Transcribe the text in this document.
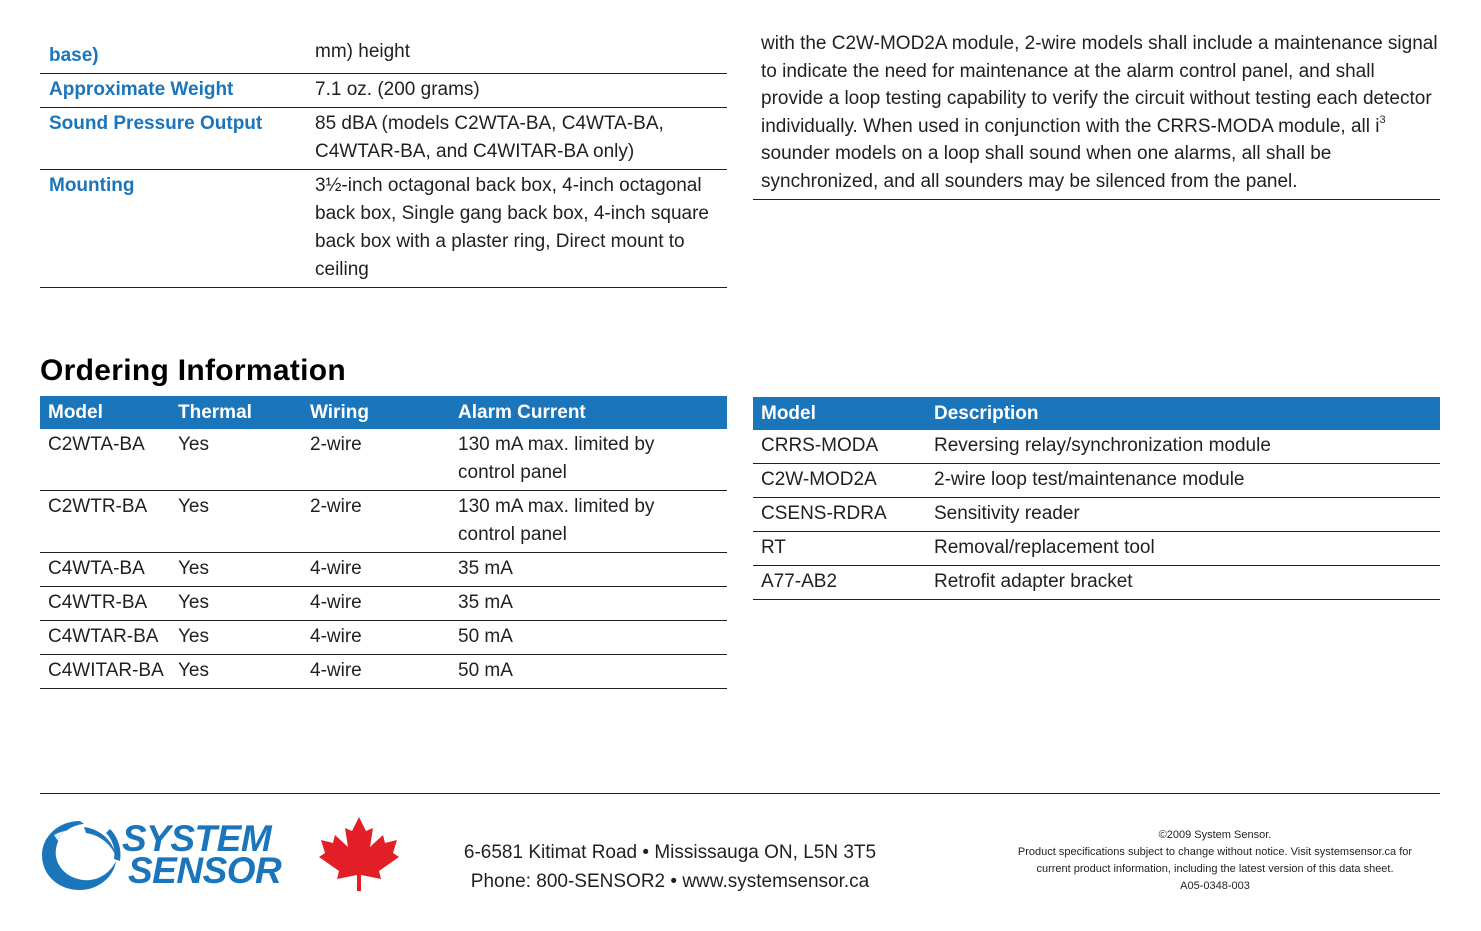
base)	mm) height
Approximate Weight	7.1 oz. (200 grams)
Sound Pressure Output	85 dBA (models C2WTA-BA, C4WTA-BA, C4WTAR-BA, and C4WITAR-BA only)
Mounting	3½-inch octagonal back box, 4-inch octagonal back box, Single gang back box, 4-inch square back box with a plaster ring, Direct mount to ceiling
with the C2W-MOD2A module, 2-wire models shall include a maintenance signal to indicate the need for maintenance at the alarm control panel, and shall provide a loop testing capability to verify the circuit without testing each detector individually. When used in conjunction with the CRRS-MODA module, all $i^3$ sounder models on a loop shall sound when one alarms, all shall be synchronized, and all sounders may be silenced from the panel.
Ordering Information
Model	Thermal	Wiring	Alarm Current
C2WTA-BA	Yes	2-wire	130 mA max. limited by control panel
C2WTR-BA	Yes	2-wire	130 mA max. limited by control panel
C4WTA-BA	Yes	4-wire	35 mA
C4WTR-BA	Yes	4-wire	35 mA
C4WTAR-BA	Yes	4-wire	50 mA
C4WITAR-BA	Yes	4-wire	50 mA
Model	Description
CRRS-MODA	Reversing relay/synchronization module
C2W-MOD2A	2-wire loop test/maintenance module
CSENS-RDRA	Sensitivity reader
RT	Removal/replacement tool
A77-AB2	Retrofit adapter bracket
SYSTEM
SENSOR	6-6581 Kitimat Road • Mississauga ON, L5N 3T5
Phone: 800-SENSOR2 • www.systemsensor.ca
©2009 System Sensor.
Product specifications subject to change without notice. Visit systemsensor.ca for
current product information, including the latest version of this data sheet.
A05-0348-003
